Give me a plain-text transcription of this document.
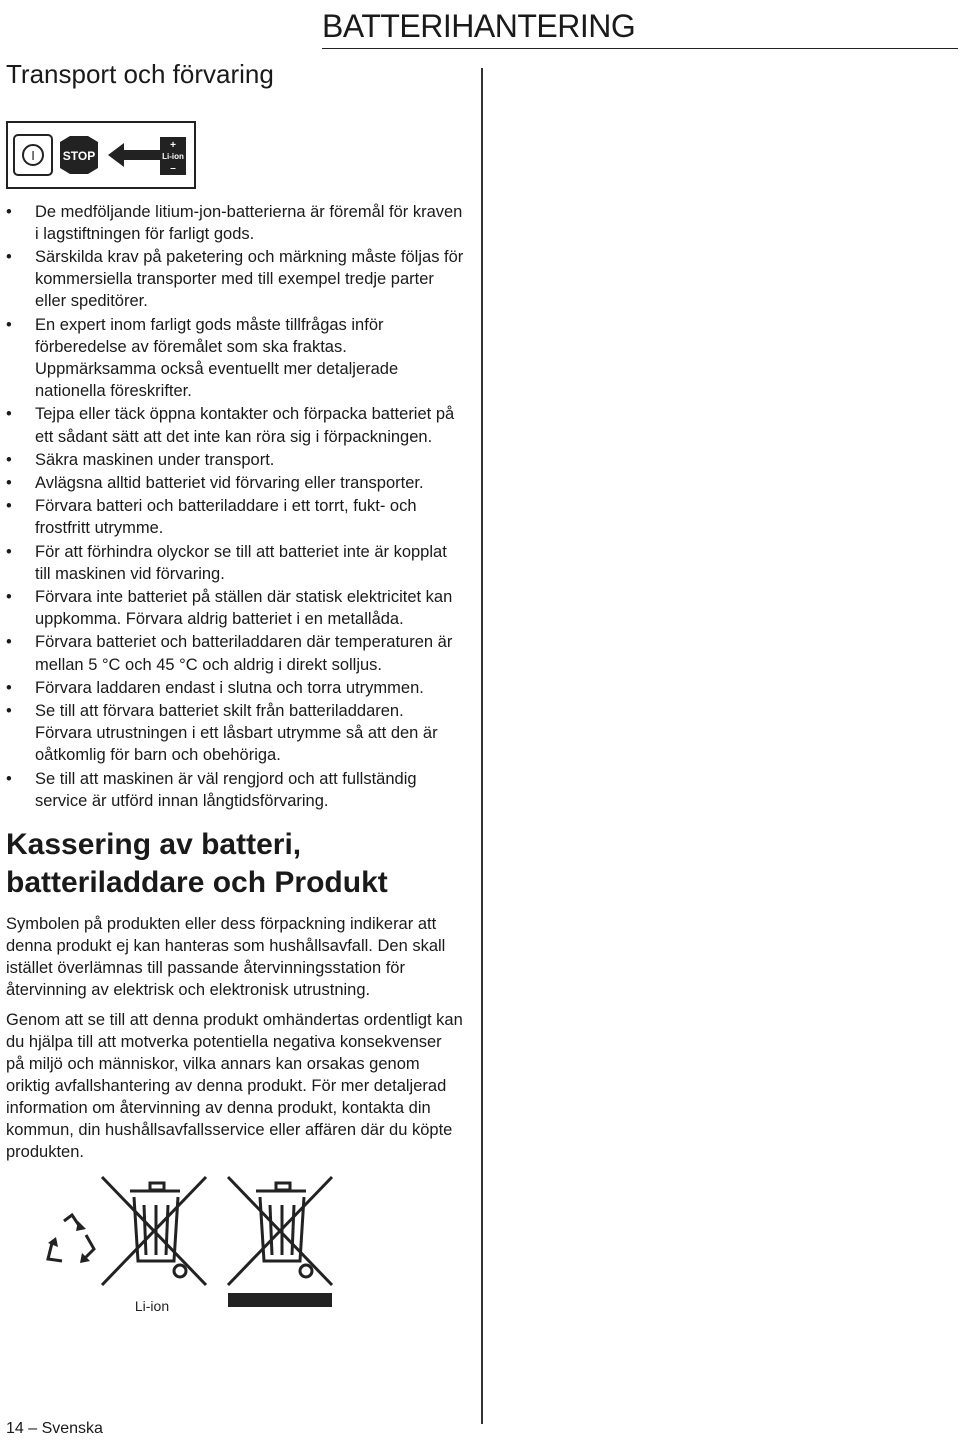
BATTERIHANTERING
Transport och förvaring
I STOP
+
Li-ion
–
• De medföljande litium-jon-batterierna är föremål för kraven i lagstiftningen för farligt gods.
• Särskilda krav på paketering och märkning måste följas för kommersiella transporter med till exempel tredje parter eller speditörer.
• En expert inom farligt gods måste tillfrågas inför förberedelse av föremålet som ska fraktas. Uppmärksamma också eventuellt mer detaljerade nationella föreskrifter.
• Tejpa eller täck öppna kontakter och förpacka batteriet på ett sådant sätt att det inte kan röra sig i förpackningen.
• Säkra maskinen under transport.
• Avlägsna alltid batteriet vid förvaring eller transporter.
• Förvara batteri och batteriladdare i ett torrt, fukt- och frostfritt utrymme.
• För att förhindra olyckor se till att batteriet inte är kopplat till maskinen vid förvaring.
• Förvara inte batteriet på ställen där statisk elektricitet kan uppkomma. Förvara aldrig batteriet i en metallåda.
• Förvara batteriet och batteriladdaren där temperaturen är mellan 5 °C och 45 °C och aldrig i direkt solljus.
• Förvara laddaren endast i slutna och torra utrymmen.
• Se till att förvara batteriet skilt från batteriladdaren. Förvara utrustningen i ett låsbart utrymme så att den är oåtkomlig för barn och obehöriga.
• Se till att maskinen är väl rengjord och att fullständig service är utförd innan långtidsförvaring.
Kassering av batteri, batteriladdare och Produkt

Symbolen på produkten eller dess förpackning indikerar att denna produkt ej kan hanteras som hushållsavfall. Den skall istället överlämnas till passande återvinningsstation för återvinning av elektrisk och elektronisk utrustning.

Genom att se till att denna produkt omhändertas ordentligt kan du hjälpa till att motverka potentiella negativa konsekvenser på miljö och människor, vilka annars kan orsakas genom oriktig avfallshantering av denna produkt. För mer detaljerad information om återvinning av denna produkt, kontakta din kommun, din hushållsavfallsservice eller affären där du köpte produkten.

Li-ion
14 – Svenska
